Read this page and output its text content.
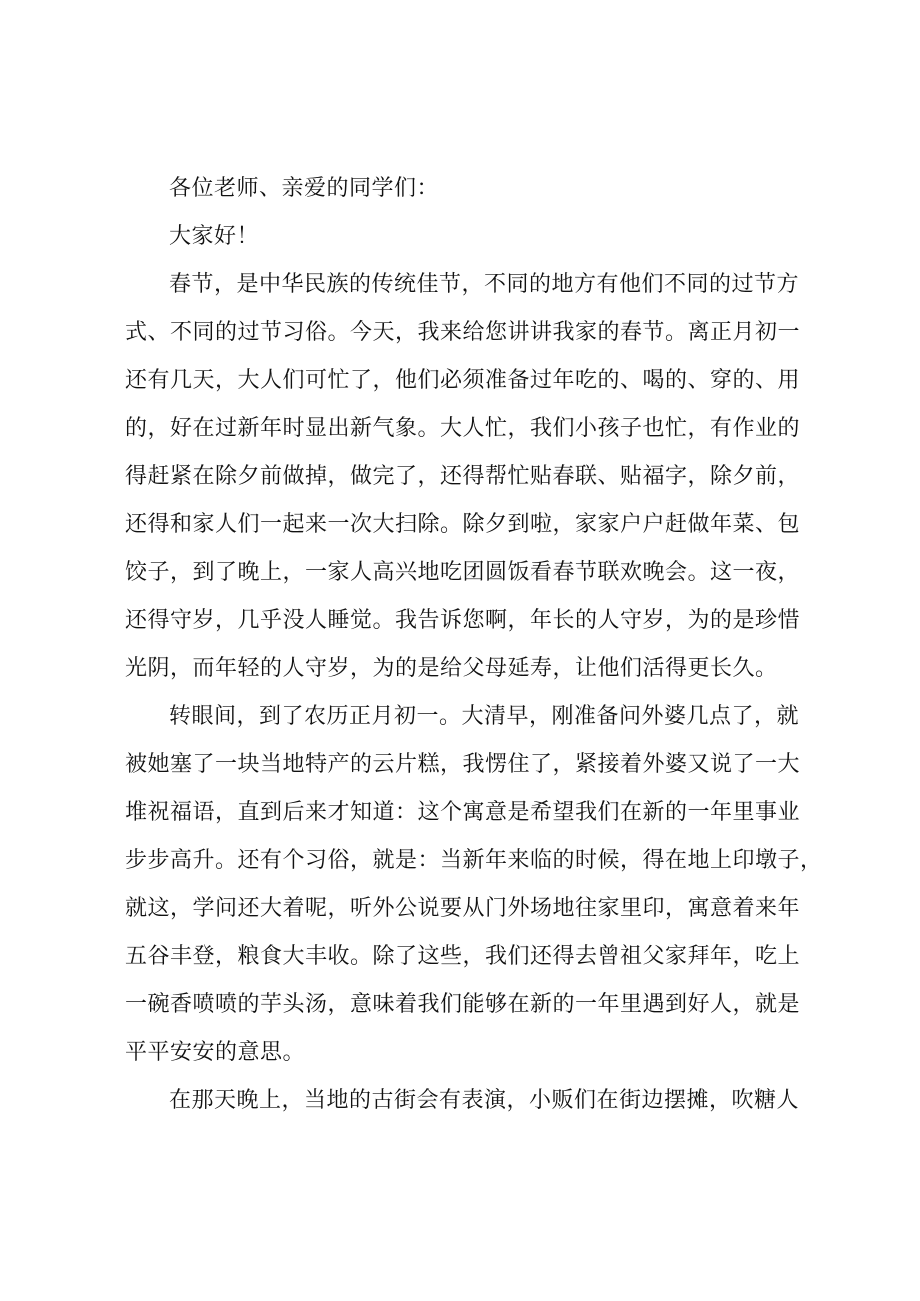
各位老师、亲爱的同学们：
大家好！
春节，是中华民族的传统佳节，不同的地方有他们不同的过节方
式、不同的过节习俗。今天，我来给您讲讲我家的春节。离正月初一
还有几天，大人们可忙了，他们必须准备过年吃的、喝的、穿的、用
的，好在过新年时显出新气象。大人忙，我们小孩子也忙，有作业的
得赶紧在除夕前做掉，做完了，还得帮忙贴春联、贴福字，除夕前，
还得和家人们一起来一次大扫除。除夕到啦，家家户户赶做年菜、包
饺子，到了晚上，一家人高兴地吃团圆饭看春节联欢晚会。这一夜，
还得守岁，几乎没人睡觉。我告诉您啊，年长的人守岁，为的是珍惜
光阴，而年轻的人守岁，为的是给父母延寿，让他们活得更长久。
转眼间，到了农历正月初一。大清早，刚准备问外婆几点了，就
被她塞了一块当地特产的云片糕，我愣住了，紧接着外婆又说了一大
堆祝福语，直到后来才知道：这个寓意是希望我们在新的一年里事业
步步高升。还有个习俗，就是：当新年来临的时候，得在地上印墩子，
就这，学问还大着呢，听外公说要从门外场地往家里印，寓意着来年
五谷丰登，粮食大丰收。除了这些，我们还得去曾祖父家拜年，吃上
一碗香喷喷的芋头汤，意味着我们能够在新的一年里遇到好人，就是
平平安安的意思。
在那天晚上，当地的古街会有表演，小贩们在街边摆摊，吹糖人
